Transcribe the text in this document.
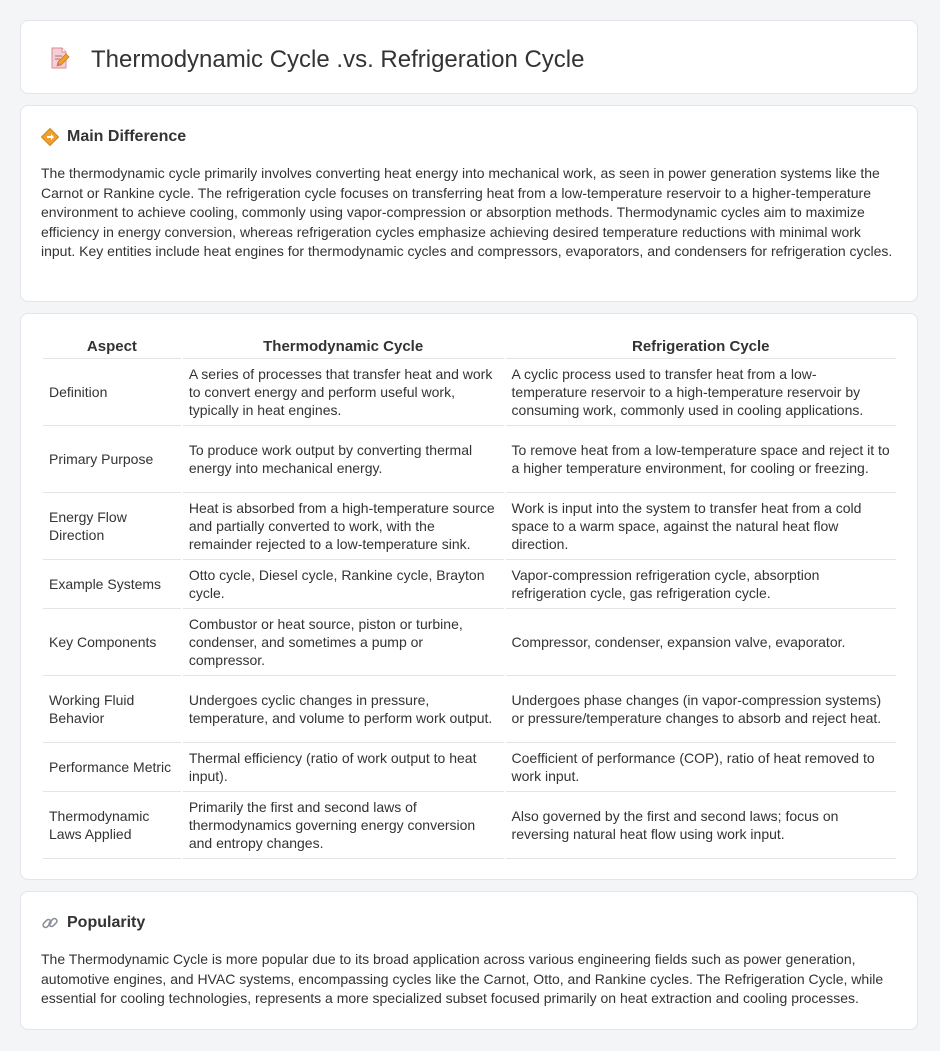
Thermodynamic Cycle .vs. Refrigeration Cycle
Main Difference

The thermodynamic cycle primarily involves converting heat energy into mechanical work, as seen in power generation systems like the Carnot or Rankine cycle. The refrigeration cycle focuses on transferring heat from a low-temperature reservoir to a higher-temperature environment to achieve cooling, commonly using vapor-compression or absorption methods. Thermodynamic cycles aim to maximize efficiency in energy conversion, whereas refrigeration cycles emphasize achieving desired temperature reductions with minimal work input. Key entities include heat engines for thermodynamic cycles and compressors, evaporators, and condensers for refrigeration cycles.

Aspect	Thermodynamic Cycle	Refrigeration Cycle
Definition	A series of processes that transfer heat and work to convert energy and perform useful work, typically in heat engines.	A cyclic process used to transfer heat from a low-temperature reservoir to a high-temperature reservoir by consuming work, commonly used in cooling applications.
Primary Purpose	To produce work output by converting thermal energy into mechanical energy.	To remove heat from a low-temperature space and reject it to a higher temperature environment, for cooling or freezing.
Energy Flow Direction	Heat is absorbed from a high-temperature source and partially converted to work, with the remainder rejected to a low-temperature sink.	Work is input into the system to transfer heat from a cold space to a warm space, against the natural heat flow direction.
Example Systems	Otto cycle, Diesel cycle, Rankine cycle, Brayton cycle.	Vapor-compression refrigeration cycle, absorption refrigeration cycle, gas refrigeration cycle.
Key Components	Combustor or heat source, piston or turbine, condenser, and sometimes a pump or compressor.	Compressor, condenser, expansion valve, evaporator.
Working Fluid Behavior	Undergoes cyclic changes in pressure, temperature, and volume to perform work output.	Undergoes phase changes (in vapor-compression systems) or pressure/temperature changes to absorb and reject heat.
Performance Metric	Thermal efficiency (ratio of work output to heat input).	Coefficient of performance (COP), ratio of heat removed to work input.
Thermodynamic Laws Applied	Primarily the first and second laws of thermodynamics governing energy conversion and entropy changes.	Also governed by the first and second laws; focus on reversing natural heat flow using work input.
Popularity

The Thermodynamic Cycle is more popular due to its broad application across various engineering fields such as power generation, automotive engines, and HVAC systems, encompassing cycles like the Carnot, Otto, and Rankine cycles. The Refrigeration Cycle, while essential for cooling technologies, represents a more specialized subset focused primarily on heat extraction and cooling processes.
